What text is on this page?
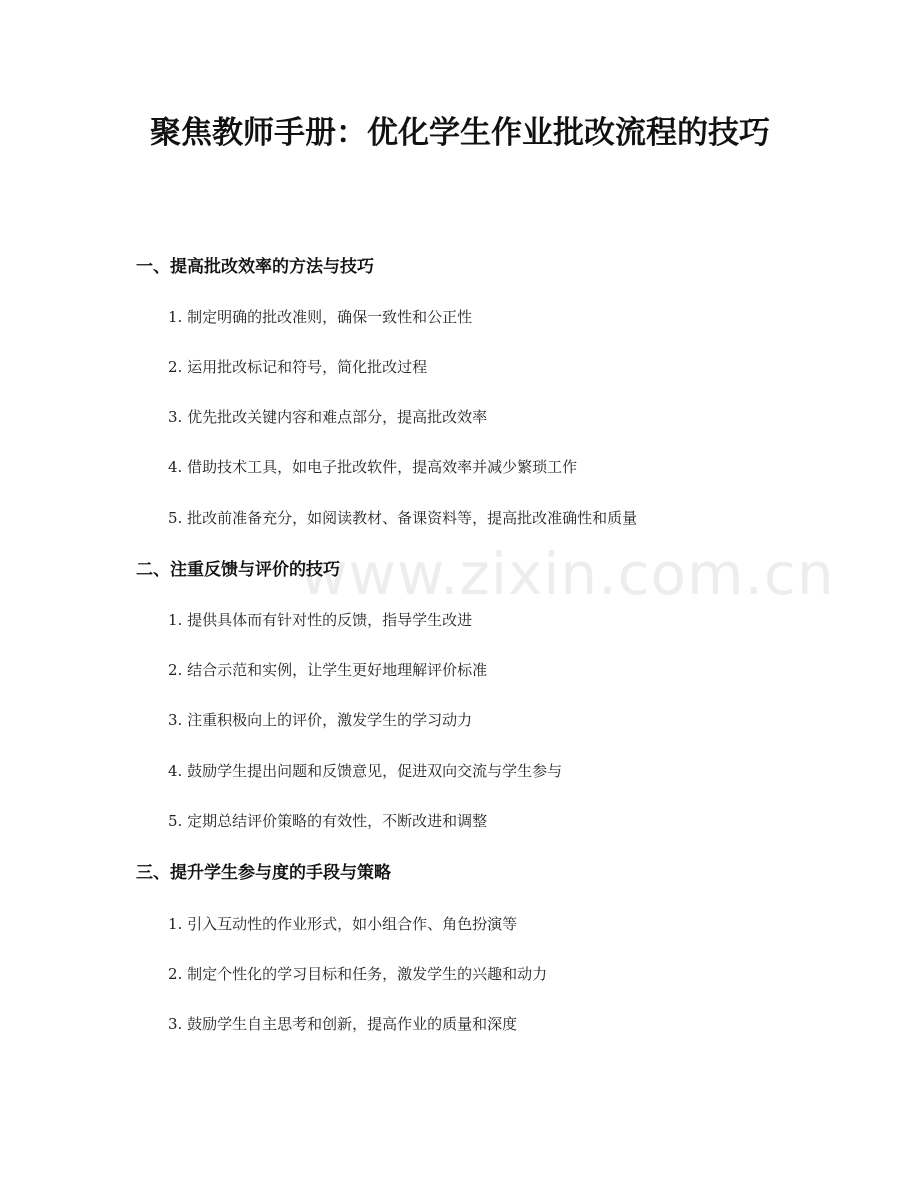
www.zixin.com.cn
聚焦教师手册：优化学生作业批改流程的技巧
一、提高批改效率的方法与技巧

1. 制定明确的批改准则，确保一致性和公正性

2. 运用批改标记和符号，简化批改过程

3. 优先批改关键内容和难点部分，提高批改效率

4. 借助技术工具，如电子批改软件，提高效率并减少繁琐工作

5. 批改前准备充分，如阅读教材、备课资料等，提高批改准确性和质量

二、注重反馈与评价的技巧

1. 提供具体而有针对性的反馈，指导学生改进

2. 结合示范和实例，让学生更好地理解评价标准

3. 注重积极向上的评价，激发学生的学习动力

4. 鼓励学生提出问题和反馈意见，促进双向交流与学生参与

5. 定期总结评价策略的有效性，不断改进和调整

三、提升学生参与度的手段与策略

1. 引入互动性的作业形式，如小组合作、角色扮演等

2. 制定个性化的学习目标和任务，激发学生的兴趣和动力

3. 鼓励学生自主思考和创新，提高作业的质量和深度
